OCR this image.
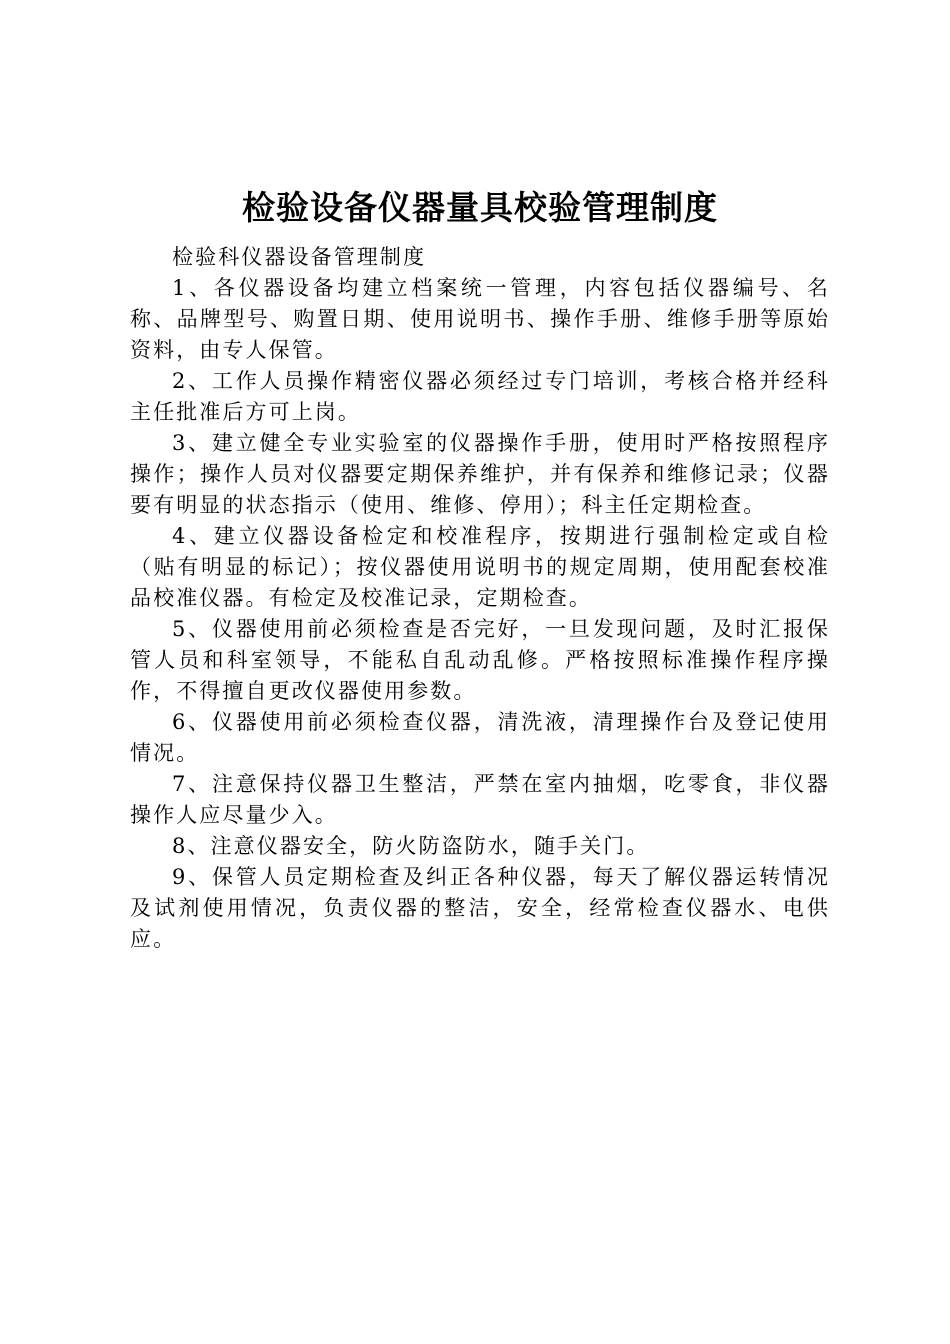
检验设备仪器量具校验管理制度

检验科仪器设备管理制度

1、各仪器设备均建立档案统一管理，内容包括仪器编号、名称、品牌型号、购置日期、使用说明书、操作手册、维修手册等原始资料，由专人保管。

2、工作人员操作精密仪器必须经过专门培训，考核合格并经科主任批准后方可上岗。

3、建立健全专业实验室的仪器操作手册，使用时严格按照程序操作；操作人员对仪器要定期保养维护，并有保养和维修记录；仪器要有明显的状态指示（使用、维修、停用）；科主任定期检查。

4、建立仪器设备检定和校准程序，按期进行强制检定或自检（贴有明显的标记）；按仪器使用说明书的规定周期，使用配套校准品校准仪器。有检定及校准记录，定期检查。

5、仪器使用前必须检查是否完好，一旦发现问题，及时汇报保管人员和科室领导，不能私自乱动乱修。严格按照标准操作程序操作，不得擅自更改仪器使用参数。

6、仪器使用前必须检查仪器，清洗液，清理操作台及登记使用情况。

7、注意保持仪器卫生整洁，严禁在室内抽烟，吃零食，非仪器操作人应尽量少入。

8、注意仪器安全，防火防盗防水，随手关门。

9、保管人员定期检查及纠正各种仪器，每天了解仪器运转情况及试剂使用情况，负责仪器的整洁，安全，经常检查仪器水、电供应。
